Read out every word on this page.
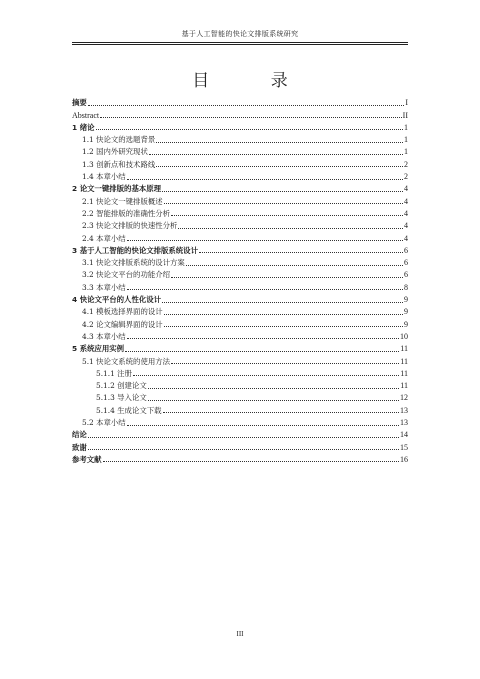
基于人工智能的快论文排版系统研究
目 录
摘要	I
Abstract	II
1 绪论	1
1.1 快论文的选题背景	1
1.2 国内外研究现状	1
1.3 创新点和技术路线	2
1.4 本章小结	2
2 论文一键排版的基本原理	4
2.1 快论文一键排版概述	4
2.2 智能排版的准确性分析	4
2.3 快论文排版的快速性分析	4
2.4 本章小结	4
3 基于人工智能的快论文排版系统设计	6
3.1 快论文排版系统的设计方案	6
3.2 快论文平台的功能介绍	6
3.3 本章小结	8
4 快论文平台的人性化设计	9
4.1 模板选择界面的设计	9
4.2 论文编辑界面的设计	9
4.3 本章小结	10
5 系统应用实例	11
5.1 快论文系统的使用方法	11
5.1.1 注册	11
5.1.2 创建论文	11
5.1.3 导入论文	12
5.1.4 生成论文下载	13
5.2 本章小结	13
结论	14
致谢	15
参考文献	16
III
